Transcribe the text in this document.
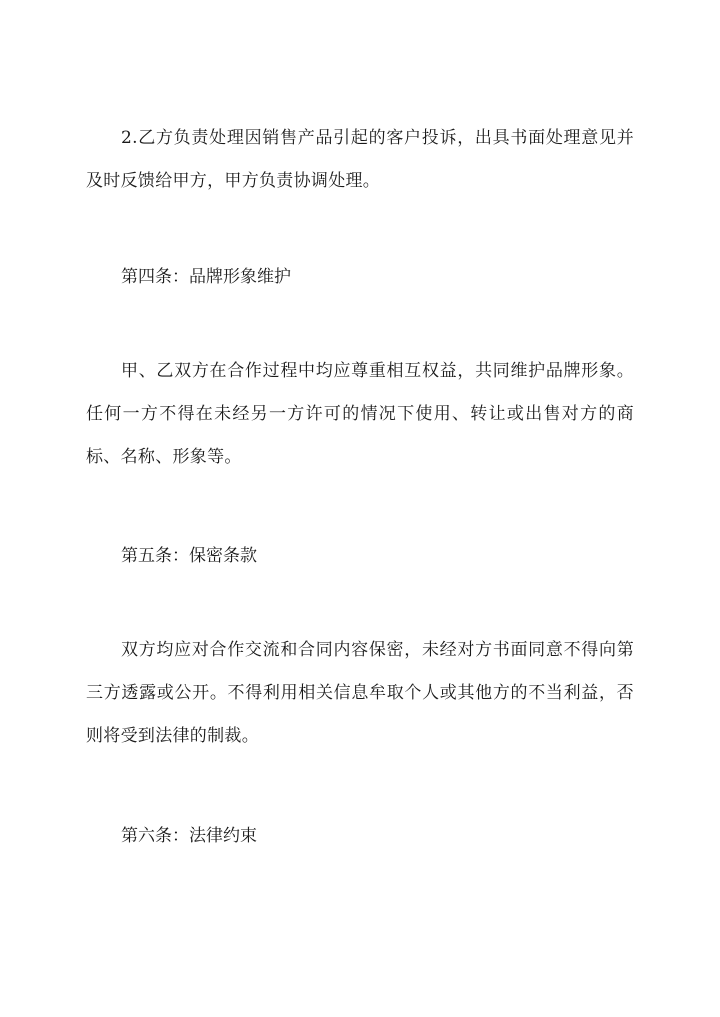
2.乙方负责处理因销售产品引起的客户投诉，出具书面处理意见并及时反馈给甲方，甲方负责协调处理。

第四条：品牌形象维护

甲、乙双方在合作过程中均应尊重相互权益，共同维护品牌形象。任何一方不得在未经另一方许可的情况下使用、转让或出售对方的商标、名称、形象等。

第五条：保密条款

双方均应对合作交流和合同内容保密，未经对方书面同意不得向第三方透露或公开。不得利用相关信息牟取个人或其他方的不当利益，否则将受到法律的制裁。

第六条：法律约束
